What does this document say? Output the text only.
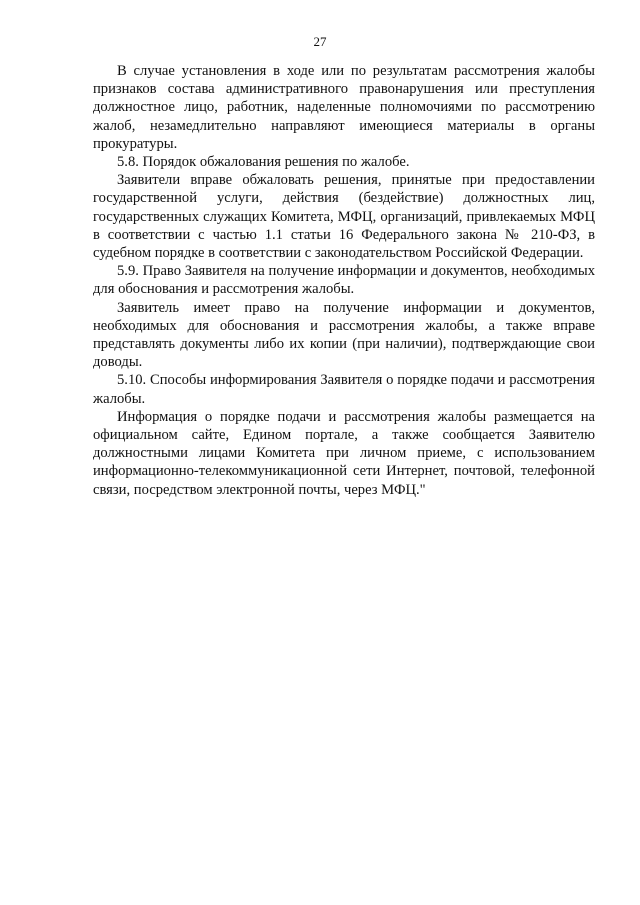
27

В случае установления в ходе или по результатам рассмотрения жалобы признаков состава административного правонарушения или преступления должностное лицо, работник, наделенные полномочиями по рассмотрению жалоб, незамедлительно направляют имеющиеся материалы в органы прокуратуры.

5.8. Порядок обжалования решения по жалобе.

Заявители вправе обжаловать решения, принятые при предоставлении государственной услуги, действия (бездействие) должностных лиц, государственных служащих Комитета, МФЦ, организаций, привлекаемых МФЦ в соответствии с частью 1.1 статьи 16 Федерального закона № 210-ФЗ, в судебном порядке в соответствии с законодательством Российской Федерации.

5.9. Право Заявителя на получение информации и документов, необходимых для обоснования и рассмотрения жалобы.

Заявитель имеет право на получение информации и документов, необходимых для обоснования и рассмотрения жалобы, а также вправе представлять документы либо их копии (при наличии), подтверждающие свои доводы.

5.10. Способы информирования Заявителя о порядке подачи и рассмотрения жалобы.

Информация о порядке подачи и рассмотрения жалобы размещается на официальном сайте, Едином портале, а также сообщается Заявителю должностными лицами Комитета при личном приеме, с использованием информационно-телекоммуникационной сети Интернет, почтовой, телефонной связи, посредством электронной почты, через МФЦ."
